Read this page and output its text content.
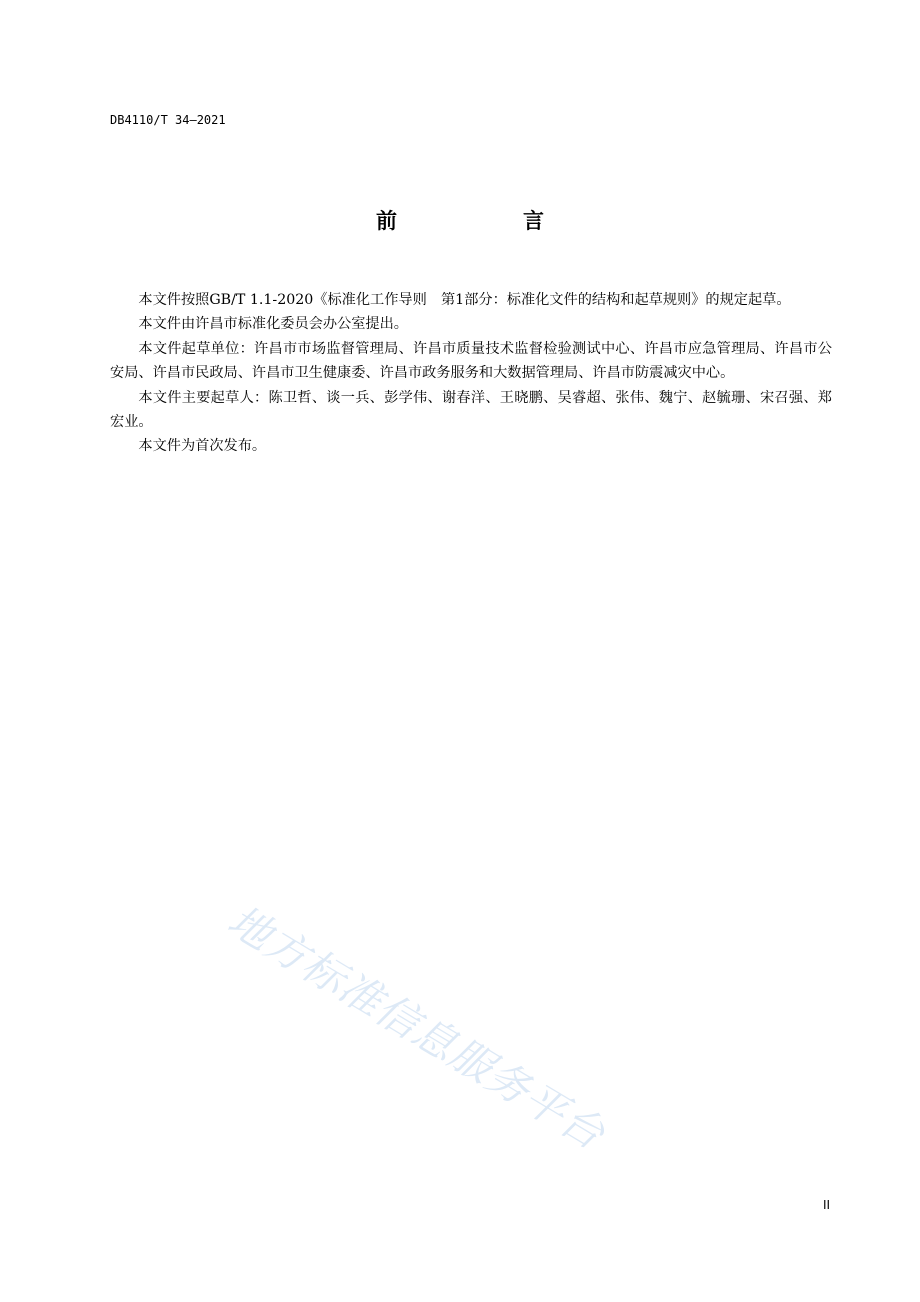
DB4110/T 34—2021
前　言

本文件按照GB/T 1.1-2020《标准化工作导则　第1部分：标准化文件的结构和起草规则》的规定起草。

本文件由许昌市标准化委员会办公室提出。

本文件起草单位：许昌市市场监督管理局、许昌市质量技术监督检验测试中心、许昌市应急管理局、许昌市公安局、许昌市民政局、许昌市卫生健康委、许昌市政务服务和大数据管理局、许昌市防震减灾中心。

本文件主要起草人：陈卫哲、谈一兵、彭学伟、谢春洋、王晓鹏、吴睿超、张伟、魏宁、赵毓珊、宋召强、郑宏业。

本文件为首次发布。

地方标准信息服务平台
II
